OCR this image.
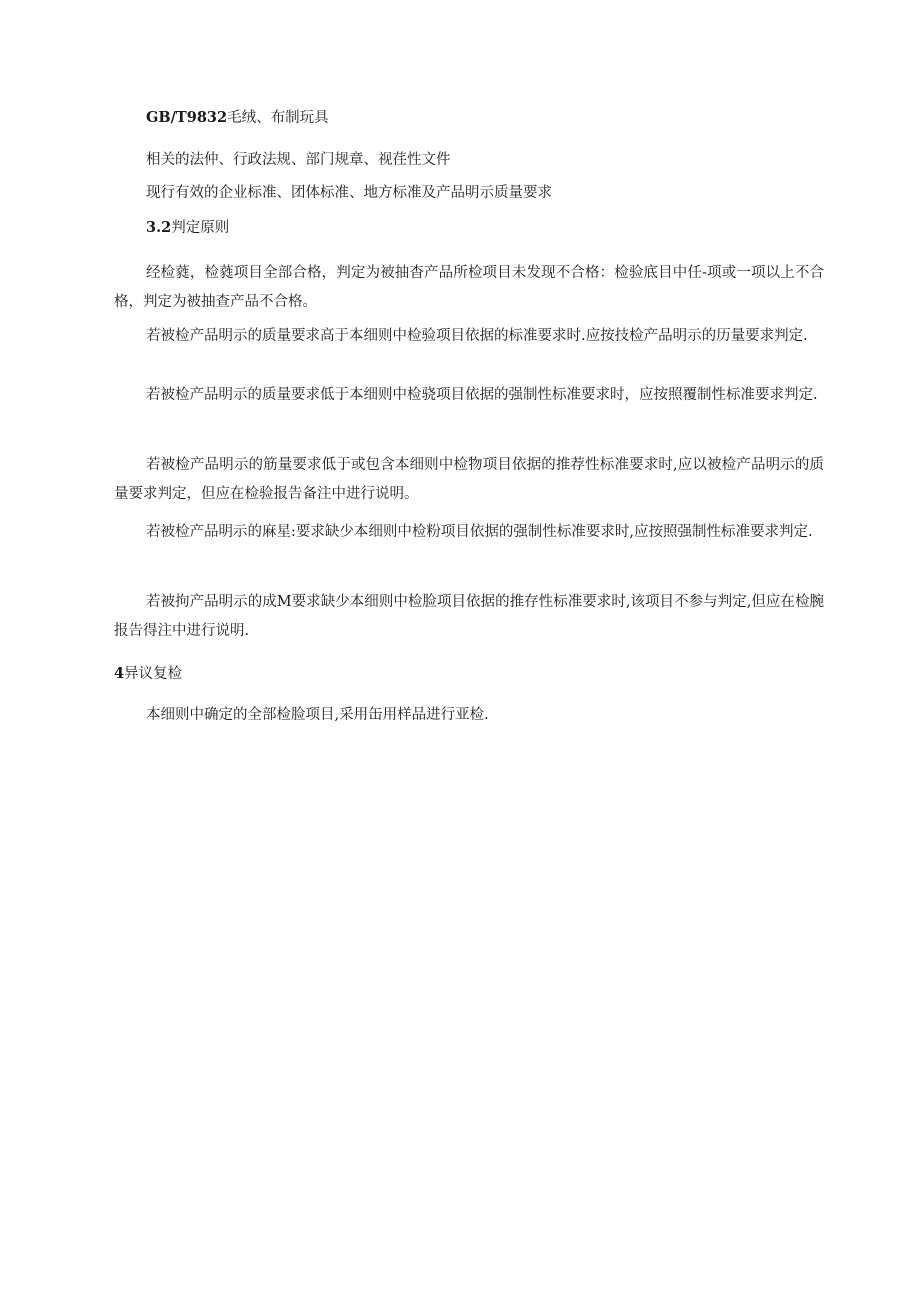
GB/T9832毛绒、布制玩具
相关的法仲、行政法规、部门规章、视荏性文件
现行有效的企业标准、团体标准、地方标准及产品明示质量要求
3.2判定原则
经检蕤，检蕤项目全部合格，判定为被抽杳产品所检项目未发现不合格：检验底目中任-项或一项以上不合格，判定为被抽查产品不合格。
若被检产品明示的质量要求高于本细则中检验项目依据的标准要求时.应按技检产品明示的历量要求判定.
若被检产品明示的质量要求低于本细则中检骁项目依据的强制性标准要求时，应按照覆制性标准要求判定.
若被检产品明示的筋量要求低于或包含本细则中检物项目依据的推荐性标准要求时,应以被检产品明示的质量要求判定，但应在检验报告备注中进行说明。
若被检产品明示的麻星:要求缺少本细则中检粉项目依据的强制性标准要求时,应按照强制性标准要求判定.
若被拘产品明示的成M要求缺少本细则中检脸项目依据的推存性标准要求时,该项目不参与判定,但应在检腕报告得注中进行说明.
4异议复检
本细则中确定的全部检脸项目,采用缶用样品进行亚检.
